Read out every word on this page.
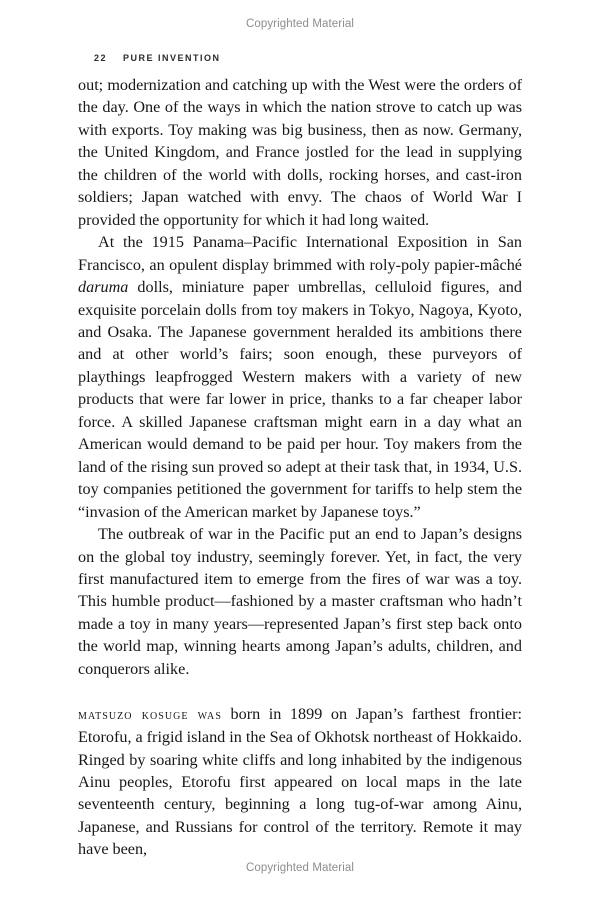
Copyrighted Material

22 PURE INVENTION

out; modernization and catching up with the West were the orders of the day. One of the ways in which the nation strove to catch up was with exports. Toy making was big business, then as now. Germany, the United Kingdom, and France jostled for the lead in supplying the children of the world with dolls, rocking horses, and cast-iron soldiers; Japan watched with envy. The chaos of World War I provided the opportunity for which it had long waited.

At the 1915 Panama–Pacific International Exposition in San Francisco, an opulent display brimmed with roly-poly papier-mâché daruma dolls, miniature paper umbrellas, celluloid figures, and exquisite porcelain dolls from toy makers in Tokyo, Nagoya, Kyoto, and Osaka. The Japanese government heralded its ambitions there and at other world’s fairs; soon enough, these purveyors of playthings leapfrogged Western makers with a variety of new products that were far lower in price, thanks to a far cheaper labor force. A skilled Japanese craftsman might earn in a day what an American would demand to be paid per hour. Toy makers from the land of the rising sun proved so adept at their task that, in 1934, U.S. toy companies petitioned the government for tariffs to help stem the “invasion of the American market by Japanese toys.”

The outbreak of war in the Pacific put an end to Japan’s designs on the global toy industry, seemingly forever. Yet, in fact, the very first manufactured item to emerge from the fires of war was a toy. This humble product—fashioned by a master craftsman who hadn’t made a toy in many years—represented Japan’s first step back onto the world map, winning hearts among Japan’s adults, children, and conquerors alike.

matsuzo kosuge was born in 1899 on Japan’s farthest frontier: Etorofu, a frigid island in the Sea of Okhotsk northeast of Hokkaido. Ringed by soaring white cliffs and long inhabited by the indigenous Ainu peoples, Etorofu first appeared on local maps in the late seventeenth century, beginning a long tug-of-war among Ainu, Japanese, and Russians for control of the territory. Remote it may have been,

Copyrighted Material
